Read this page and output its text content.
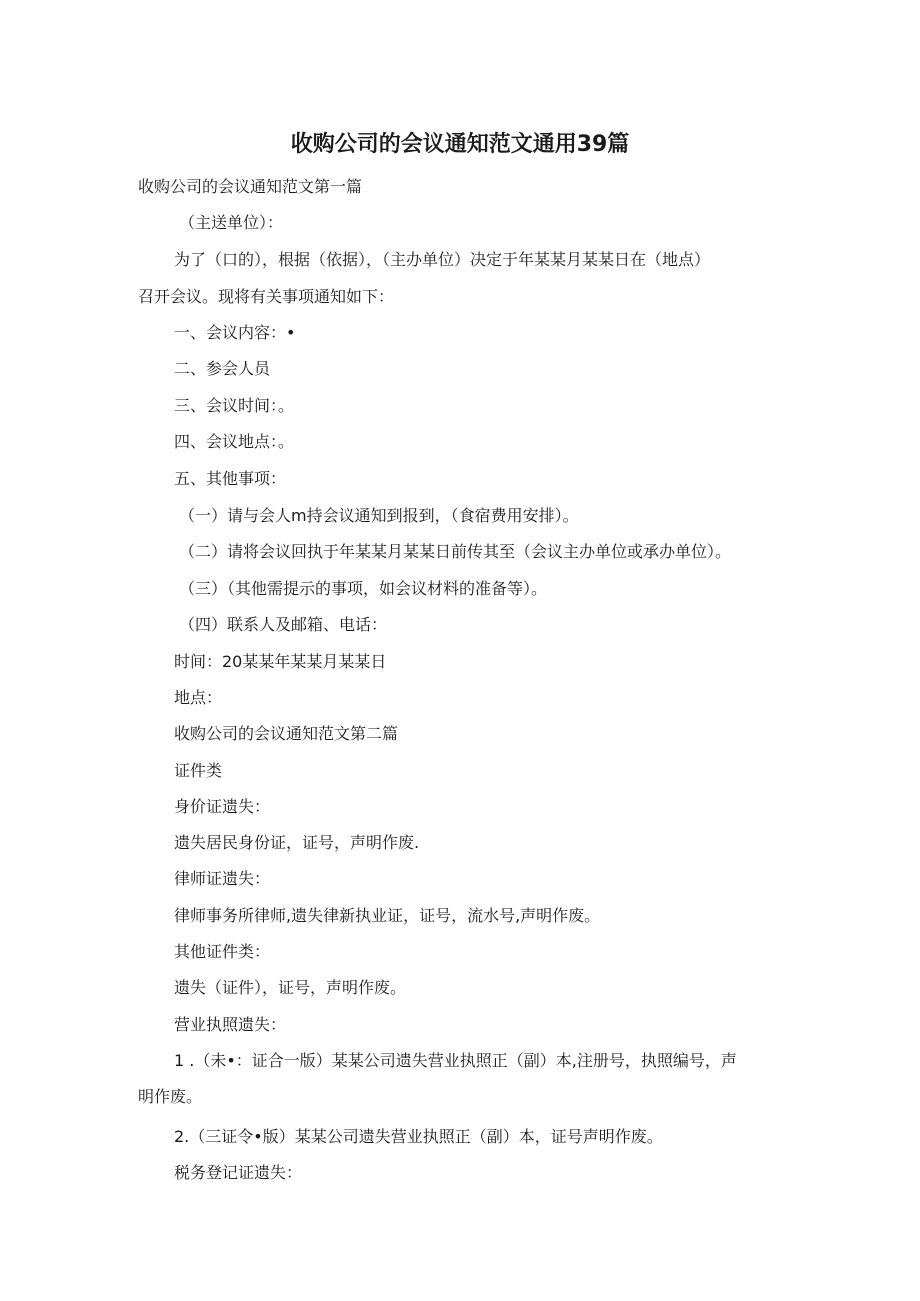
收购公司的会议通知范文通用39篇
收购公司的会议通知范文第一篇
（主送单位）：
为了（口的），根据（依据），（主办单位）决定于年某某月某某日在（地点）
召开会议。现将有关事项通知如下：
一、会议内容：•
二、参会人员
三、会议时间：。
四、会议地点：。
五、其他事项：
（一）请与会人m持会议通知到报到，（食宿费用安排）。
（二）请将会议回执于年某某月某某日前传其至（会议主办单位或承办单位）。
（三）（其他需提示的事项，如会议材料的准备等）。
（四）联系人及邮箱、电话：
时间：20某某年某某月某某日
地点：
收购公司的会议通知范文第二篇
证件类
身价证遗失：
遗失居民身份证，证号，声明作废.
律师证遗失：
律师事务所律师,遗失律新执业证，证号，流水号,声明作废。
其他证件类：
遗失（证件），证号，声明作废。
营业执照遗失：
1 .（未•：证合一版）某某公司遗失营业执照正（副）本,注册号，执照编号，声
明作废。
2.（三证令•版）某某公司遗失营业执照正（副）本，证号声明作废。
税务登记证遗失：
